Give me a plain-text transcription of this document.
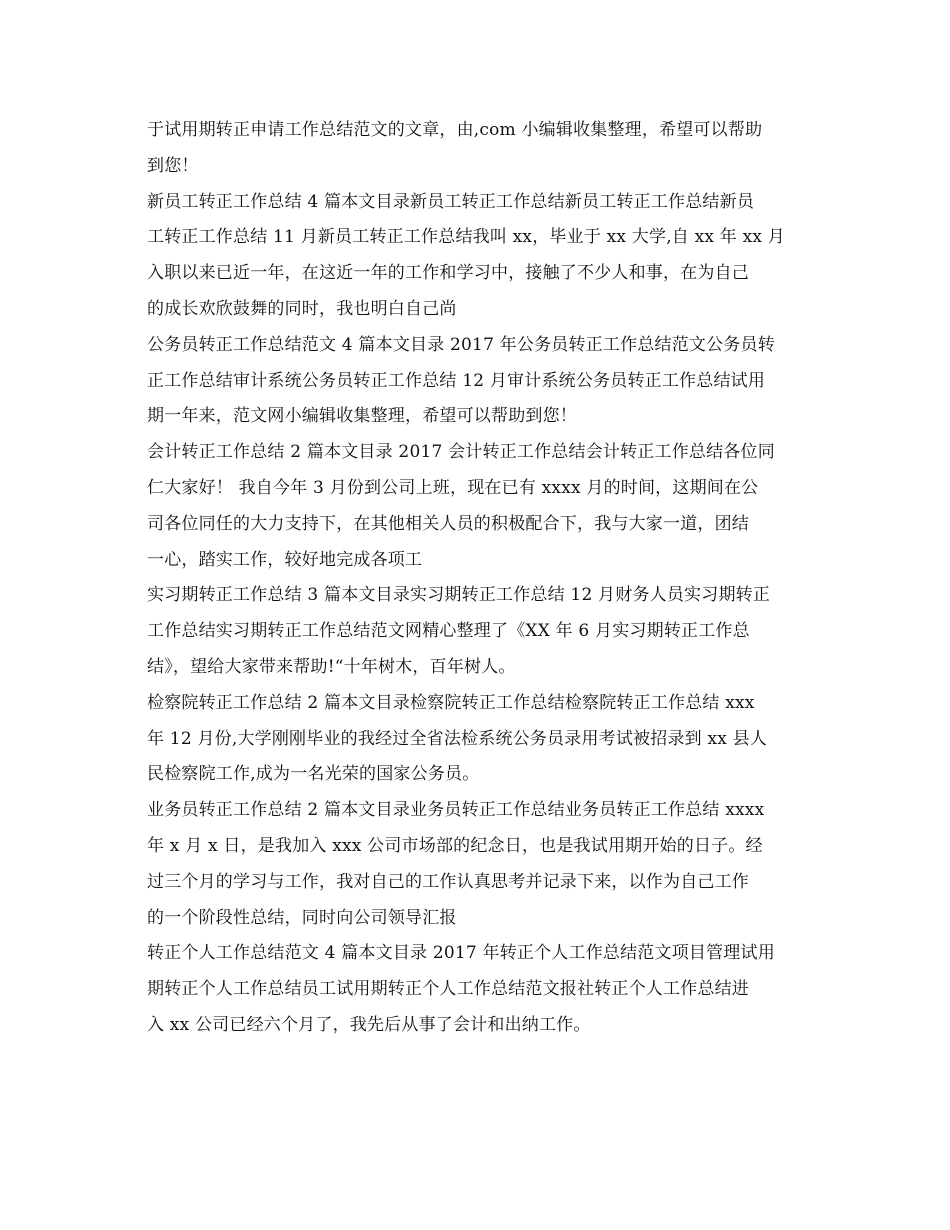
于试用期转正申请工作总结范文的文章，由,com 小编辑收集整理，希望可以帮助
到您！
新员工转正工作总结 4 篇本文目录新员工转正工作总结新员工转正工作总结新员
工转正工作总结 11 月新员工转正工作总结我叫 xx，毕业于 xx 大学,自 xx 年 xx 月
入职以来已近一年，在这近一年的工作和学习中，接触了不少人和事，在为自己
的成长欢欣鼓舞的同时，我也明白自己尚
公务员转正工作总结范文 4 篇本文目录 2017 年公务员转正工作总结范文公务员转
正工作总结审计系统公务员转正工作总结 12 月审计系统公务员转正工作总结试用
期一年来，范文网小编辑收集整理，希望可以帮助到您！
会计转正工作总结 2 篇本文目录 2017 会计转正工作总结会计转正工作总结各位同
仁大家好！ 我自今年 3 月份到公司上班，现在已有 xxxx 月的时间，这期间在公
司各位同任的大力支持下，在其他相关人员的积极配合下，我与大家一道，团结
一心，踏实工作，较好地完成各项工
实习期转正工作总结 3 篇本文目录实习期转正工作总结 12 月财务人员实习期转正
工作总结实习期转正工作总结范文网精心整理了《XX 年 6 月实习期转正工作总
结》，望给大家带来帮助!“十年树木，百年树人。
检察院转正工作总结 2 篇本文目录检察院转正工作总结检察院转正工作总结 xxx
年 12 月份,大学刚刚毕业的我经过全省法检系统公务员录用考试被招录到 xx 县人
民检察院工作,成为一名光荣的国家公务员。
业务员转正工作总结 2 篇本文目录业务员转正工作总结业务员转正工作总结 xxxx
年 x 月 x 日，是我加入 xxx 公司市场部的纪念日，也是我试用期开始的日子。经
过三个月的学习与工作，我对自己的工作认真思考并记录下来，以作为自己工作
的一个阶段性总结，同时向公司领导汇报
转正个人工作总结范文 4 篇本文目录 2017 年转正个人工作总结范文项目管理试用
期转正个人工作总结员工试用期转正个人工作总结范文报社转正个人工作总结进
入 xx 公司已经六个月了，我先后从事了会计和出纳工作。
